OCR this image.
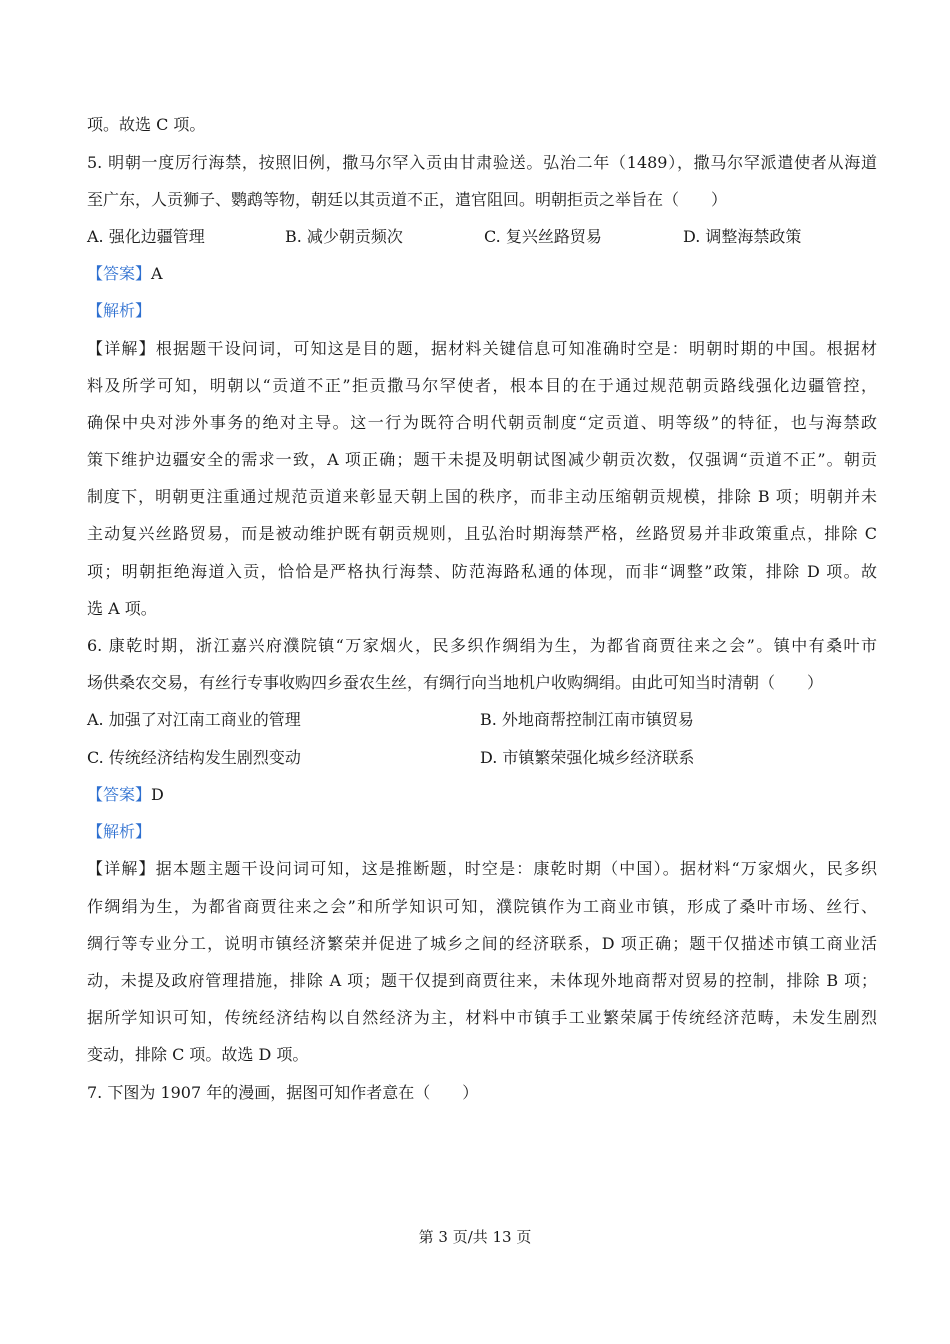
项。故选 C 项。
5. 明朝一度厉行海禁，按照旧例，撒马尔罕入贡由甘肃验送。弘治二年（1489），撒马尔罕派遣使者从海道
至广东，人贡狮子、鹦鹉等物，朝廷以其贡道不正，遣官阻回。明朝拒贡之举旨在（　　）
A. 强化边疆管理	B. 减少朝贡频次	C. 复兴丝路贸易	D. 调整海禁政策
【答案】A
【解析】
【详解】根据题干设问词，可知这是目的题，据材料关键信息可知准确时空是：明朝时期的中国。根据材
料及所学可知，明朝以“贡道不正”拒贡撒马尔罕使者，根本目的在于通过规范朝贡路线强化边疆管控，
确保中央对涉外事务的绝对主导。这一行为既符合明代朝贡制度“定贡道、明等级”的特征，也与海禁政
策下维护边疆安全的需求一致，A 项正确；题干未提及明朝试图减少朝贡次数，仅强调“贡道不正”。朝贡
制度下，明朝更注重通过规范贡道来彰显天朝上国的秩序，而非主动压缩朝贡规模，排除 B 项；明朝并未
主动复兴丝路贸易，而是被动维护既有朝贡规则，且弘治时期海禁严格，丝路贸易并非政策重点，排除 C
项；明朝拒绝海道入贡，恰恰是严格执行海禁、防范海路私通的体现，而非“调整”政策，排除 D 项。故
选 A 项。
6. 康乾时期，浙江嘉兴府濮院镇“万家烟火，民多织作绸绢为生，为都省商贾往来之会”。镇中有桑叶市
场供桑农交易，有丝行专事收购四乡蚕农生丝，有绸行向当地机户收购绸绢。由此可知当时清朝（　　）
A. 加强了对江南工商业的管理	B. 外地商帮控制江南市镇贸易
C. 传统经济结构发生剧烈变动	D. 市镇繁荣强化城乡经济联系
【答案】D
【解析】
【详解】据本题主题干设问词可知，这是推断题，时空是：康乾时期（中国）。据材料“万家烟火，民多织
作绸绢为生，为都省商贾往来之会”和所学知识可知，濮院镇作为工商业市镇，形成了桑叶市场、丝行、
绸行等专业分工，说明市镇经济繁荣并促进了城乡之间的经济联系，D 项正确；题干仅描述市镇工商业活
动，未提及政府管理措施，排除 A 项；题干仅提到商贾往来，未体现外地商帮对贸易的控制，排除 B 项；
据所学知识可知，传统经济结构以自然经济为主，材料中市镇手工业繁荣属于传统经济范畴，未发生剧烈
变动，排除 C 项。故选 D 项。
7. 下图为 1907 年的漫画，据图可知作者意在（　　）
第 3 页/共 13 页
